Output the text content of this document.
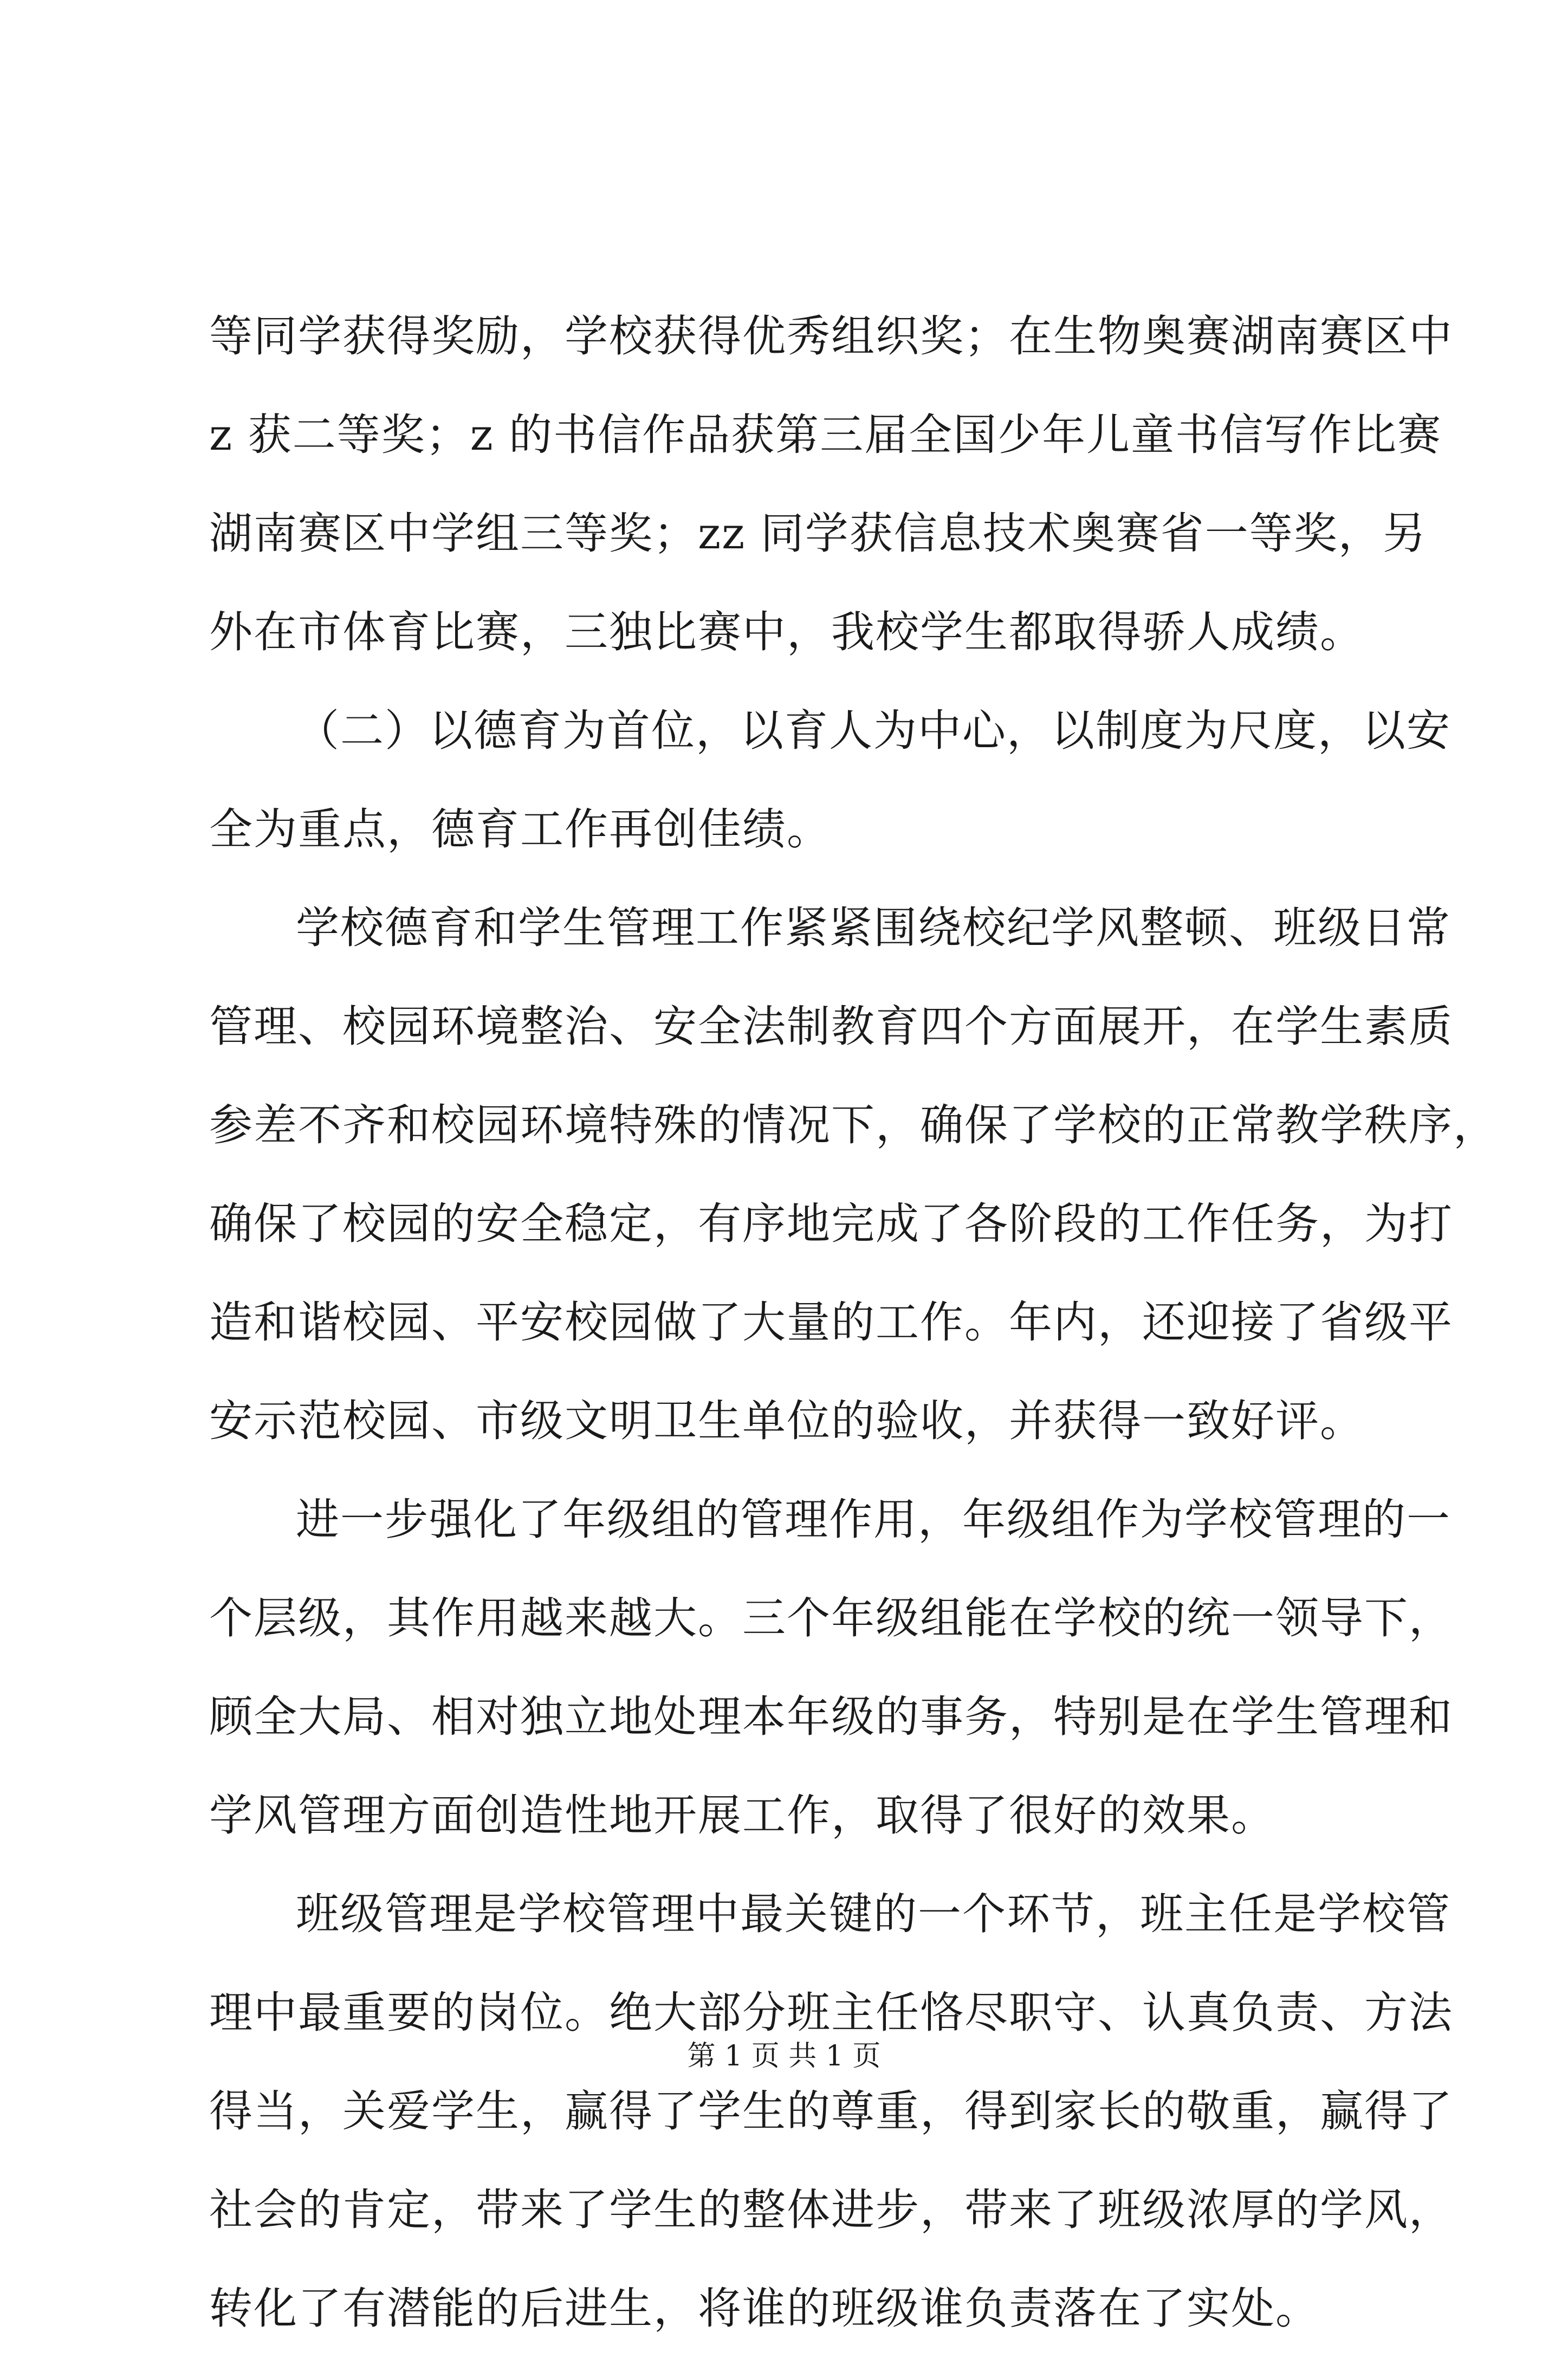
等同学获得奖励，学校获得优秀组织奖；在生物奥赛湖南赛区中
z 获二等奖；z 的书信作品获第三届全国少年儿童书信写作比赛
湖南赛区中学组三等奖；zz 同学获信息技术奥赛省一等奖，另
外在市体育比赛，三独比赛中，我校学生都取得骄人成绩。
（二）以德育为首位，以育人为中心，以制度为尺度，以安
全为重点，德育工作再创佳绩。
学校德育和学生管理工作紧紧围绕校纪学风整顿、班级日常
管理、校园环境整治、安全法制教育四个方面展开，在学生素质
参差不齐和校园环境特殊的情况下，确保了学校的正常教学秩序，
确保了校园的安全稳定，有序地完成了各阶段的工作任务，为打
造和谐校园、平安校园做了大量的工作。年内，还迎接了省级平
安示范校园、市级文明卫生单位的验收，并获得一致好评。
进一步强化了年级组的管理作用，年级组作为学校管理的一
个层级，其作用越来越大。三个年级组能在学校的统一领导下，
顾全大局、相对独立地处理本年级的事务，特别是在学生管理和
学风管理方面创造性地开展工作，取得了很好的效果。
班级管理是学校管理中最关键的一个环节，班主任是学校管
理中最重要的岗位。绝大部分班主任恪尽职守、认真负责、方法
得当，关爱学生，赢得了学生的尊重，得到家长的敬重，赢得了
社会的肯定，带来了学生的整体进步，带来了班级浓厚的学风，
转化了有潜能的后进生，将谁的班级谁负责落在了实处。
第 1 页 共 1 页
